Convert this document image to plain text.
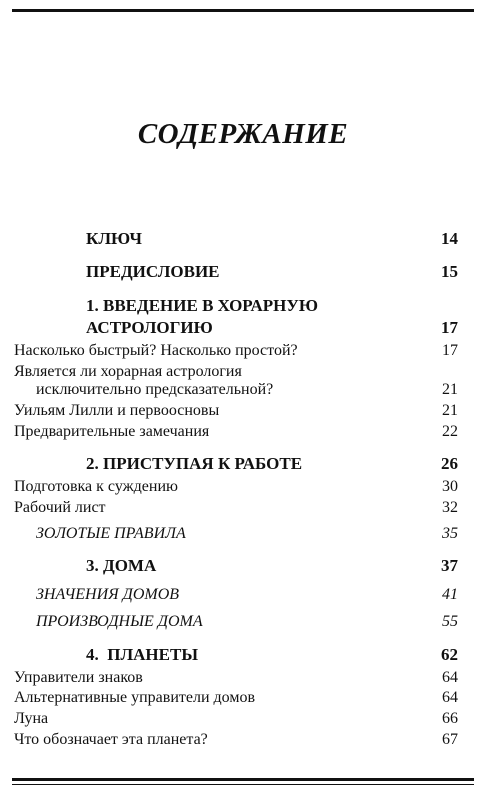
СОДЕРЖАНИЕ
КЛЮЧ	14
ПРЕДИСЛОВИЕ	15
1. ВВЕДЕНИЕ В ХОРАРНУЮ
АСТРОЛОГИЮ	17
Насколько быстрый? Насколько простой?	17
Является ли хорарная астрология
исключительно предсказательной?	21
Уильям Лилли и первоосновы	21
Предварительные замечания	22
2. ПРИСТУПАЯ К РАБОТЕ	26
Подготовка к суждению	30
Рабочий лист	32
ЗОЛОТЫЕ ПРАВИЛА	35
3. ДОМА	37
ЗНАЧЕНИЯ ДОМОВ	41
ПРОИЗВОДНЫЕ ДОМА	55
4.  ПЛАНЕТЫ	62
Управители знаков	64
Альтернативные управители домов	64
Луна	66
Что обозначает эта планета?	67
